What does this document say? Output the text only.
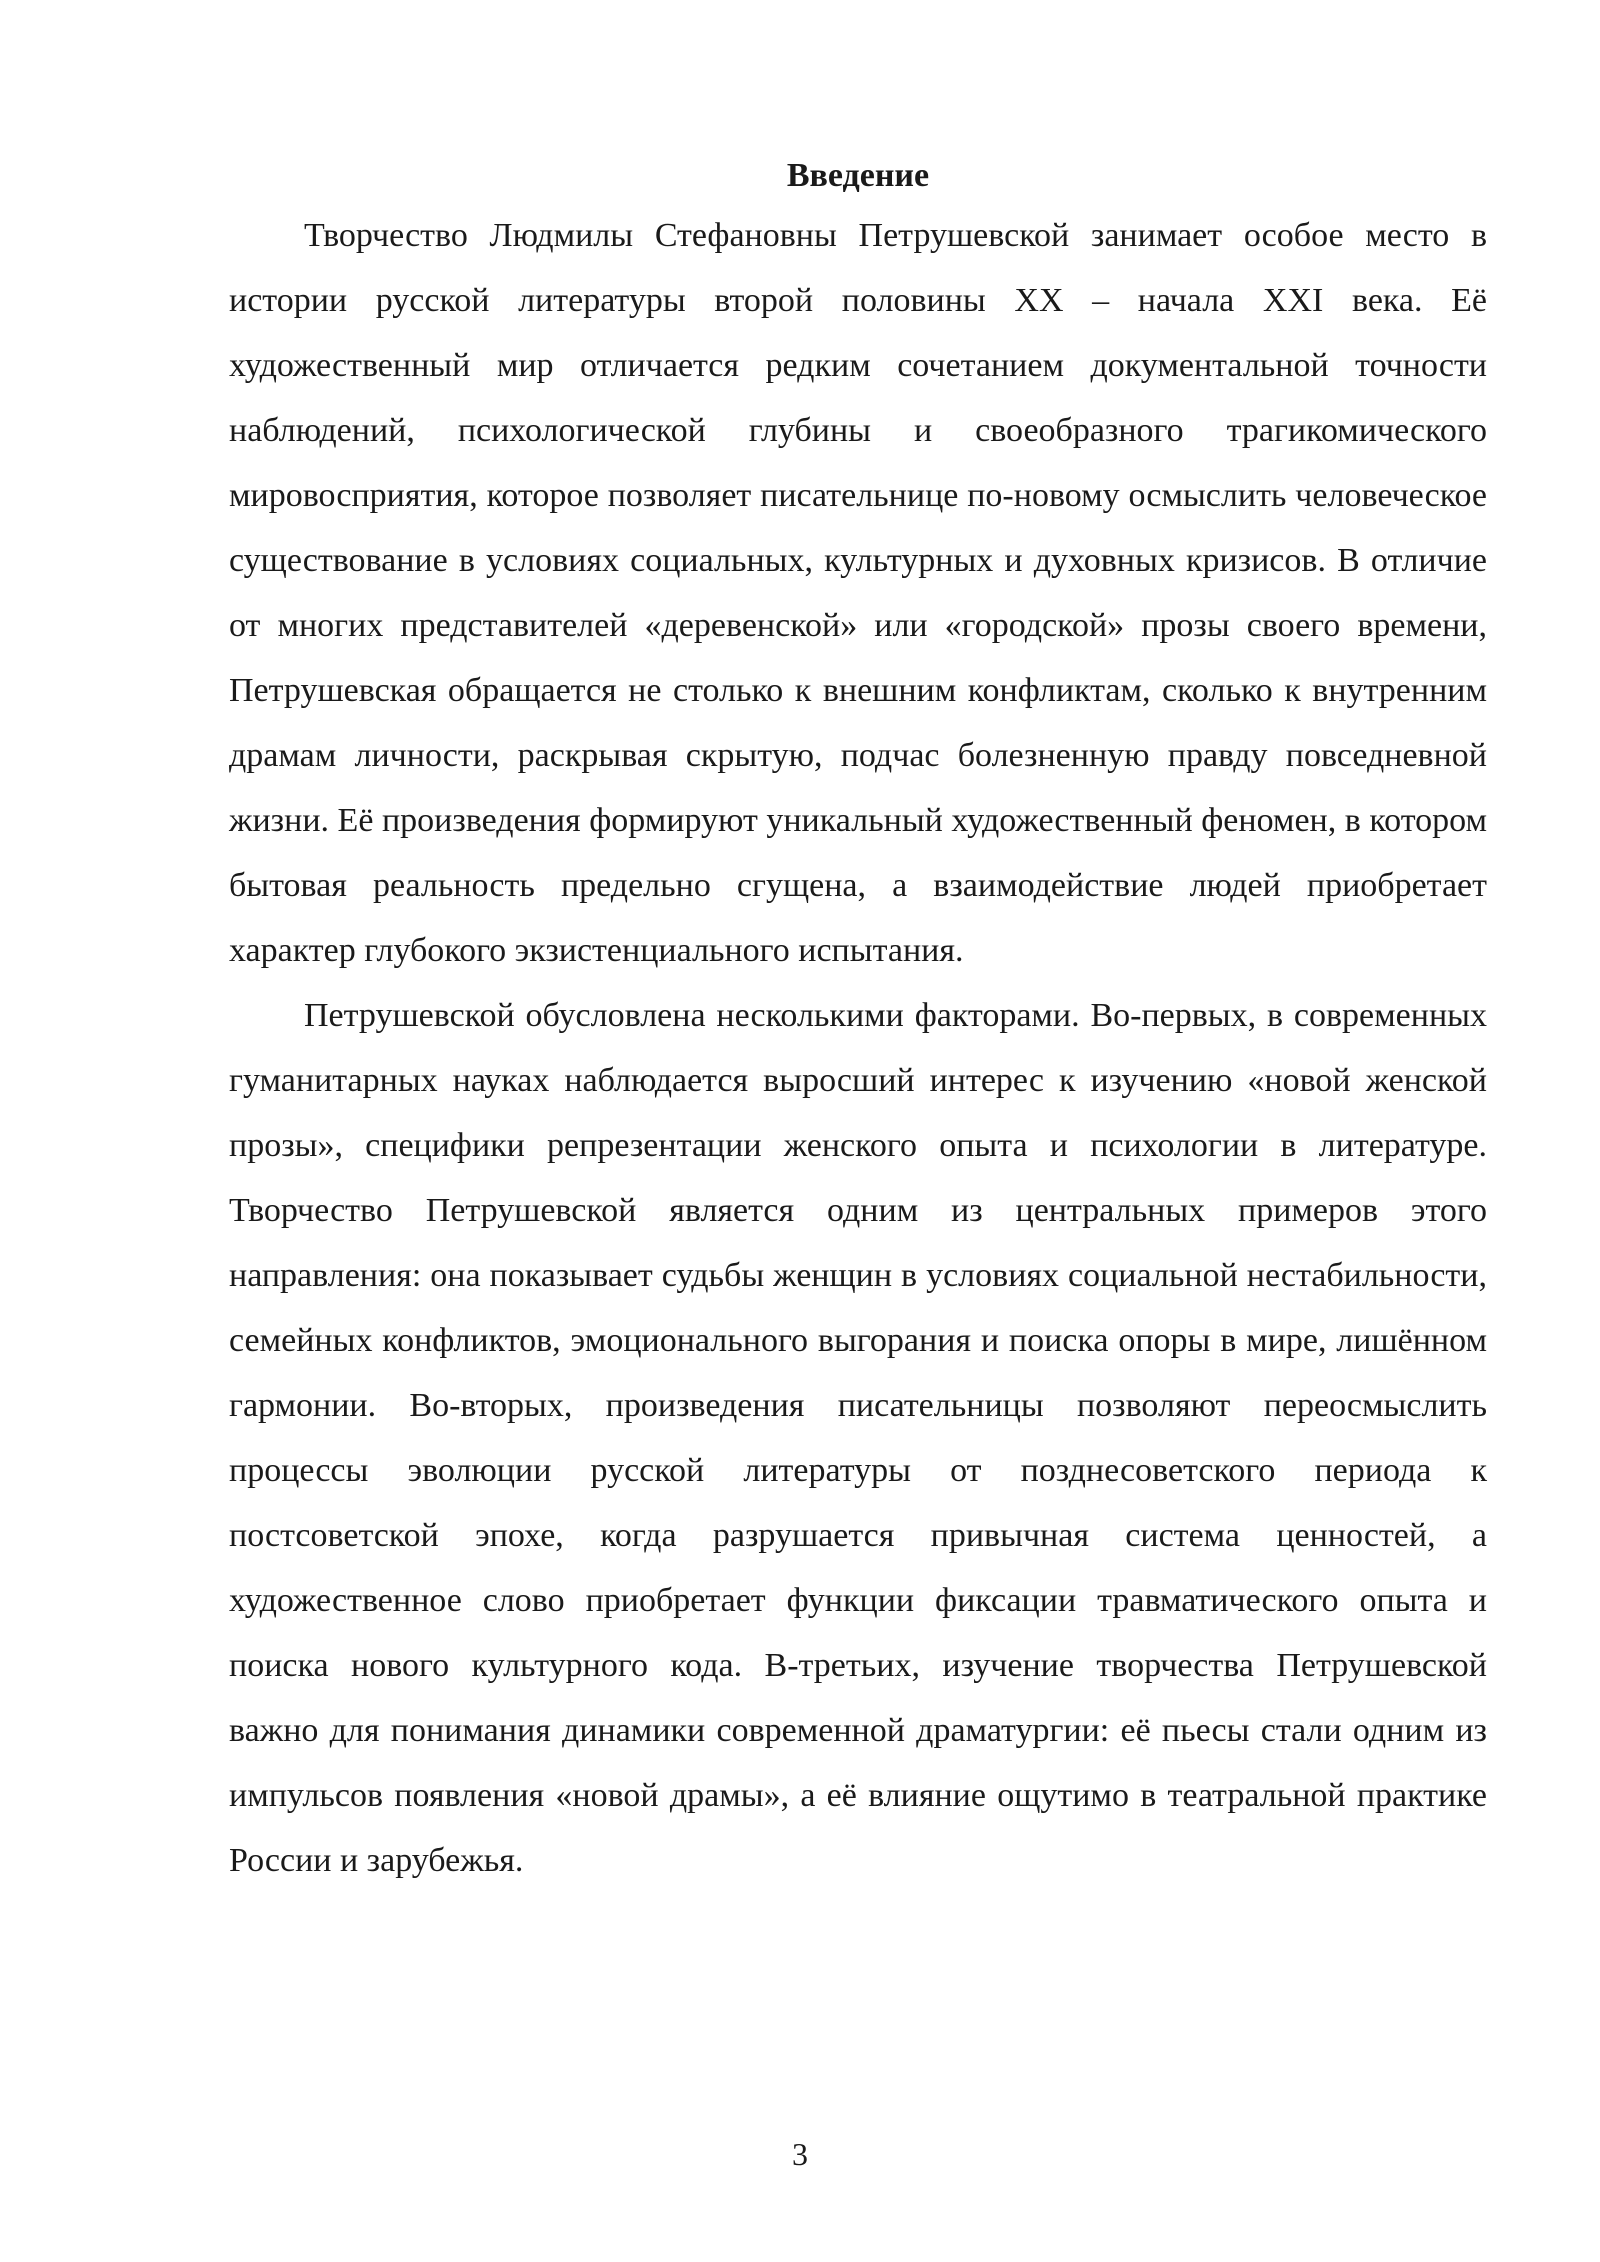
Введение

Творчество Людмилы Стефановны Петрушевской занимает особое место в истории русской литературы второй половины XX – начала XXI века. Её художественный мир отличается редким сочетанием документальной точности наблюдений, психологической глубины и своеобразного трагикомического мировосприятия, которое позволяет писательнице по-новому осмыслить человеческое существование в условиях социальных, культурных и духовных кризисов. В отличие от многих представителей «деревенской» или «городской» прозы своего времени, Петрушевская обращается не столько к внешним конфликтам, сколько к внутренним драмам личности, раскрывая скрытую, подчас болезненную правду повседневной жизни. Её произведения формируют уникальный художественный феномен, в котором бытовая реальность предельно сгущена, а взаимодействие людей приобретает характер глубокого экзистенциального испытания.

Петрушевской обусловлена несколькими факторами. Во-первых, в современных гуманитарных науках наблюдается выросший интерес к изучению «новой женской прозы», специфики репрезентации женского опыта и психологии в литературе. Творчество Петрушевской является одним из центральных примеров этого направления: она показывает судьбы женщин в условиях социальной нестабильности, семейных конфликтов, эмоционального выгорания и поиска опоры в мире, лишённом гармонии. Во-вторых, произведения писательницы позволяют переосмыслить процессы эволюции русской литературы от позднесоветского периода к постсоветской эпохе, когда разрушается привычная система ценностей, а художественное слово приобретает функции фиксации травматического опыта и поиска нового культурного кода. В-третьих, изучение творчества Петрушевской важно для понимания динамики современной драматургии: её пьесы стали одним из импульсов появления «новой драмы», а её влияние ощутимо в театральной практике России и зарубежья.

3
